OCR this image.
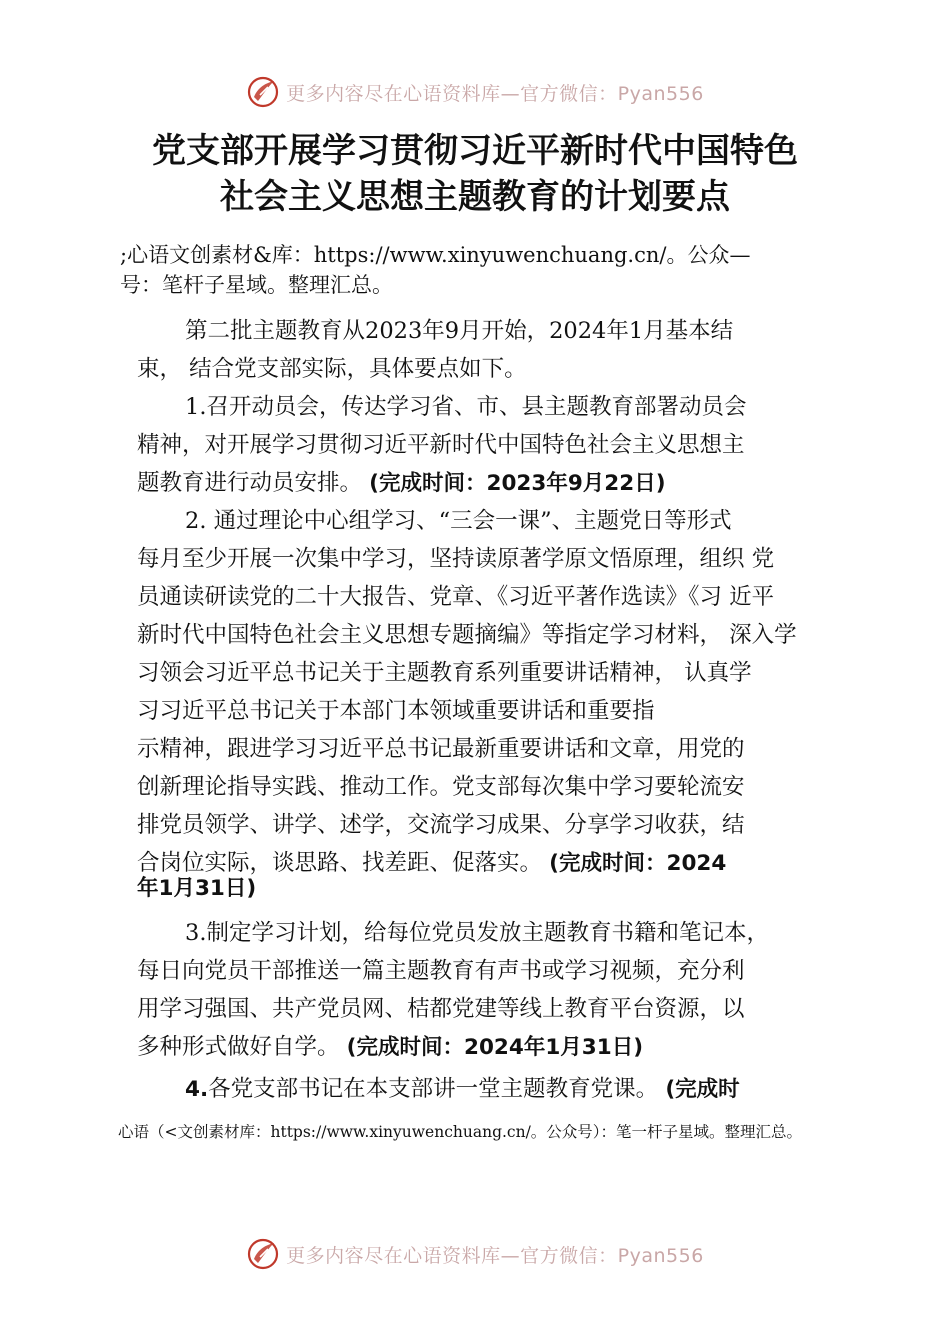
更多内容尽在心语资料库—官方微信：Pyan556
党支部开展学习贯彻习近平新时代中国特色
社会主义思想主题教育的计划要点
;心语文创素材&库：https://www.xinyuwenchuang.cn/。公众—
号：笔杆子星域。整理汇总。
第二批主题教育从2023年9月开始，2024年1月基本结
束， 结合党支部实际，具体要点如下。
1.召开动员会，传达学习省、市、县主题教育部署动员会
精神，对开展学习贯彻习近平新时代中国特色社会主义思想主
题教育进行动员安排。 (完成时间：2023年9月22日)
2. 通过理论中心组学习、“三会一课”、主题党日等形式
每月至少开展一次集中学习，坚持读原著学原文悟原理，组织 党
员通读研读党的二十大报告、党章、《习近平著作选读》《习 近平
新时代中国特色社会主义思想专题摘编》等指定学习材料， 深入学
习领会习近平总书记关于主题教育系列重要讲话精神， 认真学
习习近平总书记关于本部门本领域重要讲话和重要指
示精神，跟进学习习近平总书记最新重要讲话和文章，用党的
创新理论指导实践、推动工作。党支部每次集中学习要轮流安
排党员领学、讲学、述学，交流学习成果、分享学习收获，结
合岗位实际，谈思路、找差距、促落实。 (完成时间：2024
年1月31日)
3.制定学习计划，给每位党员发放主题教育书籍和笔记本，
每日向党员干部推送一篇主题教育有声书或学习视频，充分利
用学习强国、共产党员网、桔都党建等线上教育平台资源，以
多种形式做好自学。 (完成时间：2024年1月31日)
4.各党支部书记在本支部讲一堂主题教育党课。 (完成时
心语（<文创素材库：https://www.xinyuwenchuang.cn/。公众号）：笔一杆子星域。整理汇总。
更多内容尽在心语资料库—官方微信：Pyan556
